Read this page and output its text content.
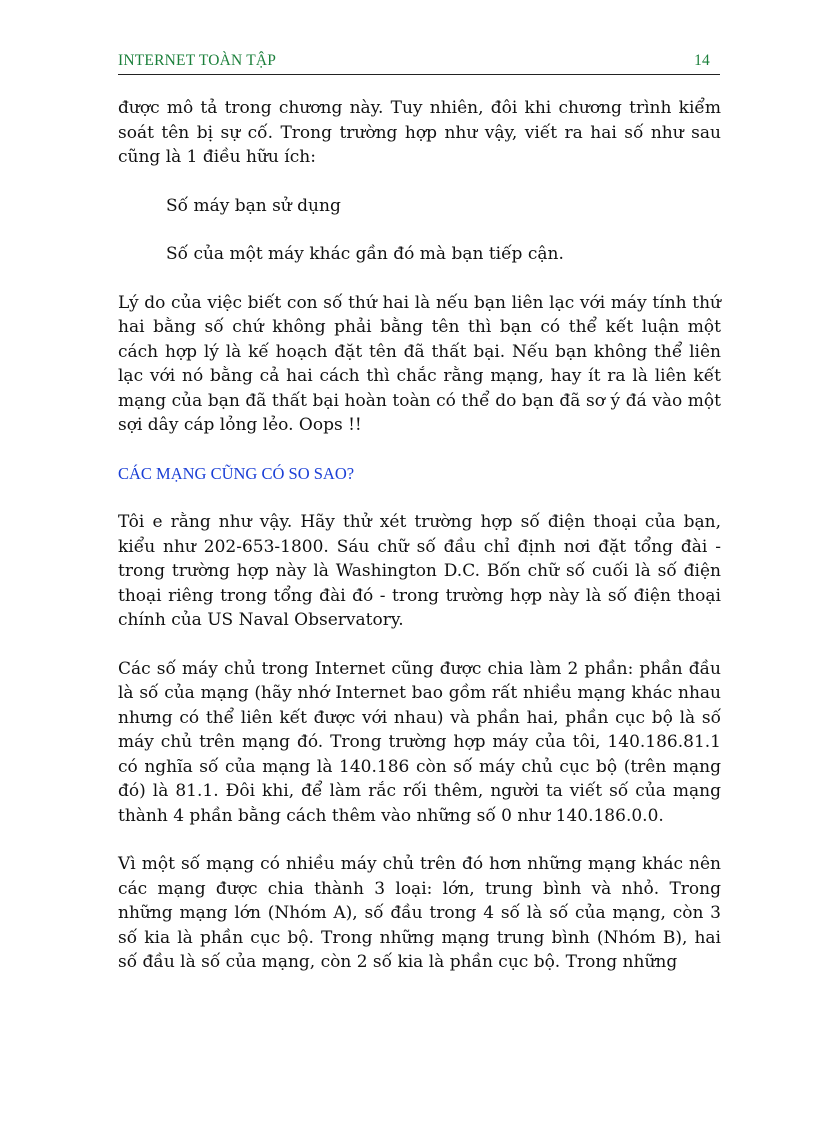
INTERNET TOÀN TẬP	14

được mô tả trong chương này. Tuy nhiên, đôi khi chương trình kiểm soát tên bị sự cố. Trong trường hợp như vậy, viết ra hai số như sau cũng là 1 điều hữu ích:

Số máy bạn sử dụng

Số của một máy khác gần đó mà bạn tiếp cận.

Lý do của việc biết con số thứ hai là nếu bạn liên lạc với máy tính thứ hai bằng số chứ không phải bằng tên thì bạn có thể kết luận một cách hợp lý là kế hoạch đặt tên đã thất bại. Nếu bạn không thể liên lạc với nó bằng cả hai cách thì chắc rằng mạng, hay ít ra là liên kết mạng của bạn đã thất bại hoàn toàn có thể do bạn đã sơ ý đá vào một sợi dây cáp lỏng lẻo. Oops !!

CÁC MẠNG CŨNG CÓ SO SAO?

Tôi e rằng như vậy. Hãy thử xét trường hợp số điện thoại của bạn, kiểu như 202-653-1800. Sáu chữ số đầu chỉ định nơi đặt tổng đài - trong trường hợp này là Washington D.C. Bốn chữ số cuối là số điện thoại riêng trong tổng đài đó - trong trường hợp này là số điện thoại chính của US Naval Observatory.

Các số máy chủ trong Internet cũng được chia làm 2 phần: phần đầu là số của mạng (hãy nhớ Internet bao gồm rất nhiều mạng khác nhau nhưng có thể liên kết được với nhau) và phần hai, phần cục bộ là số máy chủ trên mạng đó. Trong trường hợp máy của tôi, 140.186.81.1 có nghĩa số của mạng là 140.186 còn số máy chủ cục bộ (trên mạng đó) là 81.1. Đôi khi, để làm rắc rối thêm, người ta viết số của mạng thành 4 phần bằng cách thêm vào những số 0 như 140.186.0.0.

Vì một số mạng có nhiều máy chủ trên đó hơn những mạng khác nên các mạng được chia thành 3 loại: lớn, trung bình và nhỏ. Trong những mạng lớn (Nhóm A), số đầu trong 4 số là số của mạng, còn 3 số kia là phần cục bộ. Trong những mạng trung bình (Nhóm B), hai số đầu là số của mạng, còn 2 số kia là phần cục bộ. Trong những
